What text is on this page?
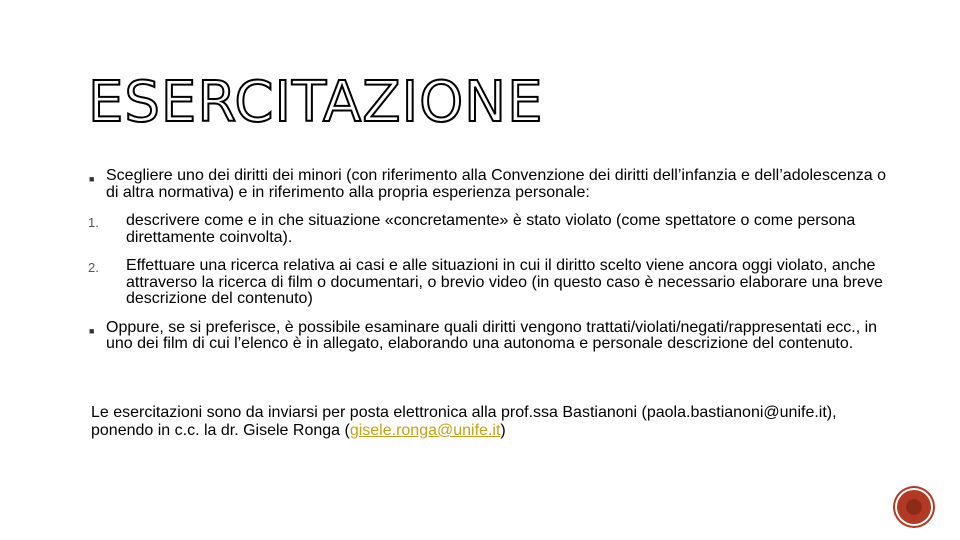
ESERCITAZIONE
■ Scegliere uno dei diritti dei minori (con riferimento alla Convenzione dei diritti dell’infanzia e dell’adolescenza o di altra normativa) e in riferimento alla propria esperienza personale:
1. descrivere come e in che situazione «concretamente» è stato violato (come spettatore o come persona direttamente coinvolta).
2. Effettuare una ricerca relativa ai casi e alle situazioni in cui il diritto scelto viene ancora oggi violato, anche attraverso la ricerca di film o documentari, o brevio video (in questo caso è necessario elaborare una breve descrizione del contenuto)
■ Oppure, se si preferisce, è possibile esaminare quali diritti vengono trattati/violati/negati/rappresentati ecc., in uno dei film di cui l’elenco è in allegato, elaborando una autonoma e personale descrizione del contenuto.
Le esercitazioni sono da inviarsi per posta elettronica alla prof.ssa Bastianoni (paola.bastianoni@unife.it), ponendo in c.c. la dr. Gisele Ronga (gisele.ronga@unife.it)
